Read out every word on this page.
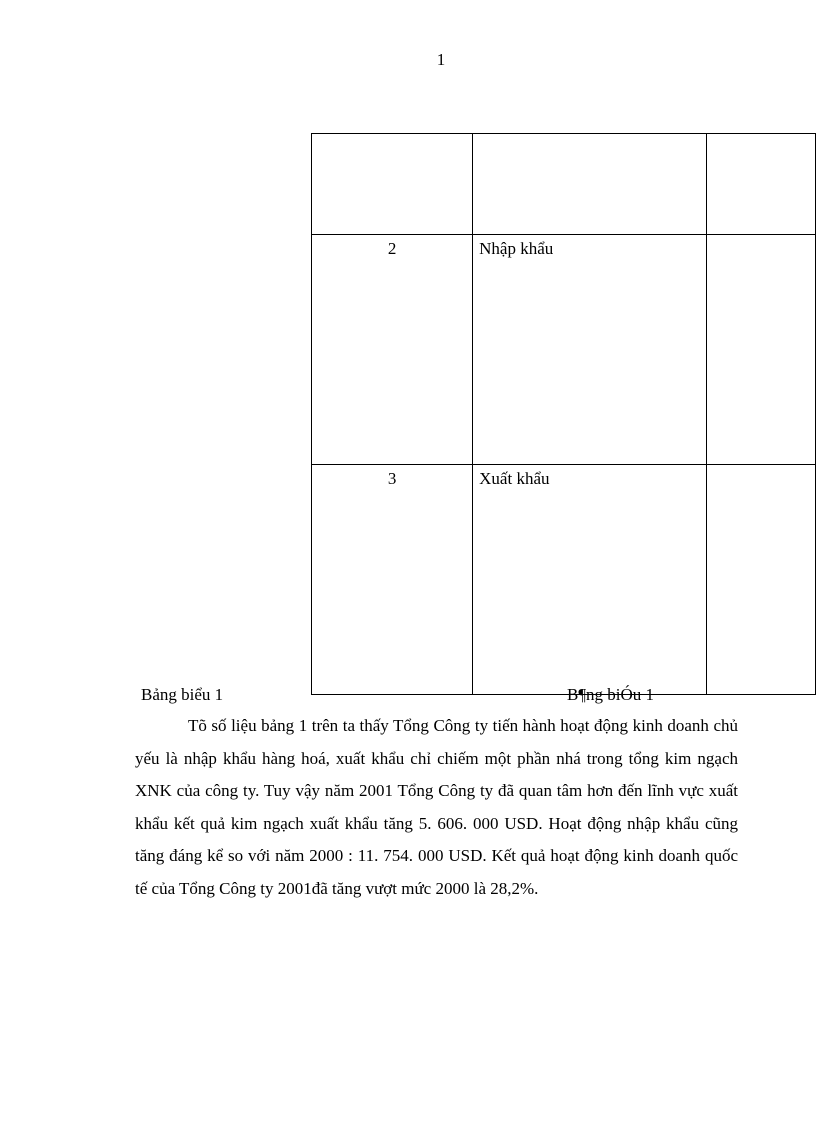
1

2	Nhập khẩu	
3	Xuất khẩu	
Bảng biểu 1	B¶ng biÓu 1

Tõ số liệu bảng 1 trên ta thấy Tổng Công ty tiến hành hoạt động kinh doanh chủ yếu là nhập khẩu hàng hoá, xuất khẩu chỉ chiếm một phần nhá trong tổng kim ngạch XNK của công ty. Tuy vậy năm 2001 Tổng Công ty đã quan tâm hơn đến lĩnh vực xuất khẩu kết quả kim ngạch xuất khẩu tăng 5. 606. 000 USD. Hoạt động nhập khẩu cũng tăng đáng kể so với năm 2000 : 11. 754. 000 USD. Kết quả hoạt động kinh doanh quốc tế của Tổng Công ty 2001đã tăng vượt mức 2000 là 28,2%.
